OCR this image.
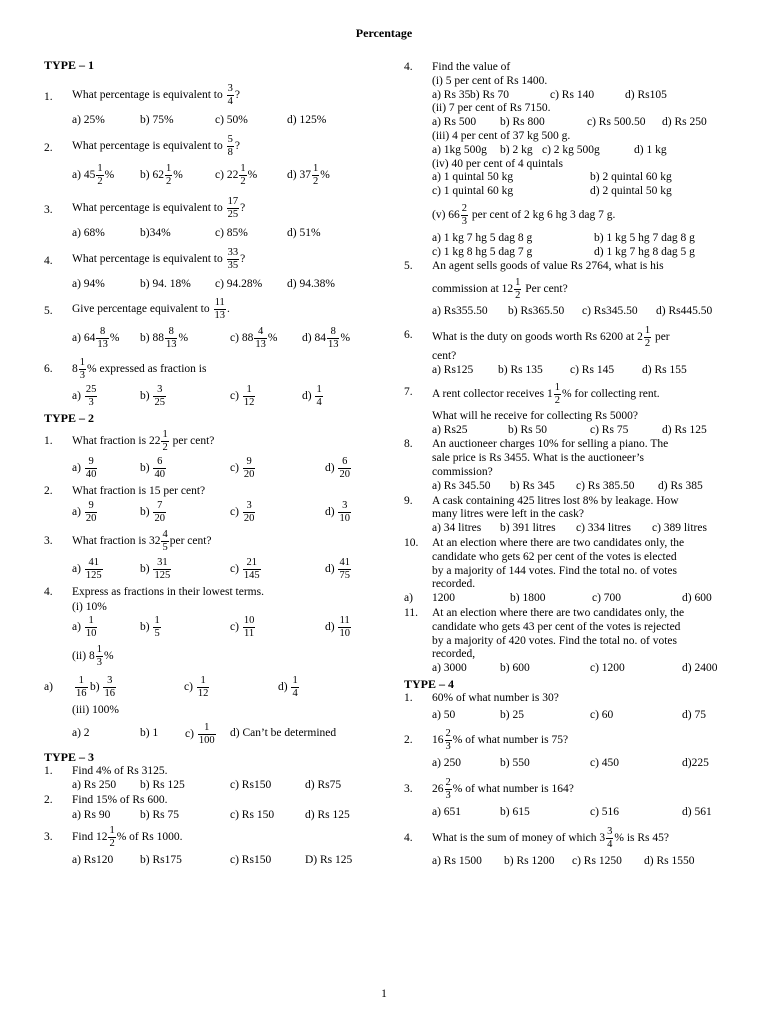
Percentage
TYPE – 1
1. What percentage is equivalent to $\frac{3}{4}$ ?
a) 25%	b) 75%	c) 50%	d) 125%
2. What percentage is equivalent to $\frac{5}{8}$ ?
a) $45 \frac{1}{2}$ %	b) $62 \frac{1}{2}$ %	c) $22 \frac{1}{2}$ %	d) $37 \frac{1}{2}$ %
3. What percentage is equivalent to $\frac{17}{25}$ ?
a) 68%	b)34%	c) 85%	d) 51%
4. What percentage is equivalent to $\frac{33}{35}$ ?
a) 94%	b) 94. 18%	c) 94.28%	d) 94.38%
5. Give percentage equivalent to $\frac{11}{13}$ .
a) $64 \frac{8}{13}$ %	b) $88 \frac{8}{13}$ %	c) $88 \frac{4}{13}$ %	d) $84 \frac{8}{13}$ %
6. $8 \frac{1}{3}$ % expressed as fraction is
$a) \frac{25}{3}$	$b) \frac{3}{25}$	$c) \frac{1}{12}$	$d) \frac{1}{4}$
TYPE – 2
1. What fraction is $22 \frac{1}{2}$ per cent?
$a) \frac{9}{40}$	$b) \frac{6}{40}$	$c) \frac{9}{20}$	$d) \frac{6}{20}$
2. What fraction is 15 per cent?
$a) \frac{9}{20}$	$b) \frac{7}{20}$	$c) \frac{3}{20}$	$d) \frac{3}{10}$
3. What fraction is $32 \frac{4}{5}$ per cent?
$a) \frac{41}{125}$	$b) \frac{31}{125}$	$c) \frac{21}{145}$	$d) \frac{41}{75}$
4. Express as fractions in their lowest terms.
(i) 10%
$a) \frac{1}{10}$	$b) \frac{1}{5}$	$c) \frac{10}{11}$	$d) \frac{11}{10}$
(ii) $8 \frac{1}{3}$ %
a)	$\frac{1}{16} b) \frac{3}{16}$	$c) \frac{1}{12}$	$d) \frac{1}{4}$
(iii) 100%
a) 2	b) 1	$c) \frac{1}{100} d$) Can’t be determined
TYPE – 3
1. Find 4% of Rs 3125.
a) Rs 250	b) Rs 125	c) Rs150	d) Rs75
2. Find 15% of Rs 600.
a) Rs 90	b) Rs 75	c) Rs 150	d) Rs 125
3. Find $12 \frac{1}{2}$ % of Rs 1000.
a) Rs120	b) Rs175	c) Rs150	D) Rs 125
4. Find the value of
(i) 5 per cent of Rs 1400.
a) Rs 35 b) Rs 70	c) Rs 140	d) Rs105
(ii) 7 per cent of Rs 7150.
a) Rs 500	b) Rs 800	c) Rs 500.50	d) Rs 250
(iii) 4 per cent of 37 kg 500 g.
a) 1kg 500g	b) 2 kg c) 2 kg 500g	d) 1 kg
(iv) 40 per cent of 4 quintals
a) 1 quintal 50 kg	b) 2 quintal 60 kg
c) 1 quintal 60 kg	d) 2 quintal 50 kg
(v) $66 \frac{2}{3}$ per cent of 2 kg 6 hg 3 dag 7 g.
a) 1 kg 7 hg 5 dag 8 g	b) 1 kg 5 hg 7 dag 8 g
c) 1 kg 8 hg 5 dag 7 g	d) 1 kg 7 hg 8 dag 5 g
5. An agent sells goods of value Rs 2764, what is his
commission at $12 \frac{1}{2}$ Per cent?
a) Rs355.50	b) Rs365.50	c) Rs345.50	d) Rs445.50
6. What is the duty on goods worth Rs 6200 at $2 \frac{1}{2}$ per
cent?
a) Rs125	b) Rs 135	c) Rs 145	d) Rs 155
7. A rent collector receives $1 \frac{1}{2}$ % for collecting rent.
What will he receive for collecting Rs 5000?
a) Rs25	b) Rs 50	c) Rs 75	d) Rs 125
8. An auctioneer charges 10% for selling a piano. The
sale price is Rs 3455. What is the auctioneer’s
commission?
a) Rs 345.50	b) Rs 345	c) Rs 385.50	d) Rs 385
9. A cask containing 425 litres lost 8% by leakage. How
many litres were left in the cask?
a) 34 litres	b) 391 litres	c) 334 litres	c) 389 litres
10. At an election where there are two candidates only, the
candidate who gets 62 per cent of the votes is elected
by a majority of 144 votes. Find the total no. of votes
recorded.
a)	1200	b) 1800	c) 700	d) 600
11. At an election where there are two candidates only, the
candidate who gets 43 per cent of the votes is rejected
by a majority of 420 votes. Find the total no. of votes
recorded,
a) 3000	b) 600	c) 1200	d) 2400
TYPE – 4
1. 60% of what number is 30?
a) 50	b) 25	c) 60	d) 75
2. $16 \frac{2}{3}$ % of what number is 75?
a) 250	b) 550	c) 450	d)225
3. $26 \frac{2}{3}$ % of what number is 164?
a) 651	b) 615	c) 516	d) 561
4. What is the sum of money of which $3 \frac{3}{4}$ % is Rs 45?
a) Rs 1500	b) Rs 1200	c) Rs 1250	d) Rs 1550
1
